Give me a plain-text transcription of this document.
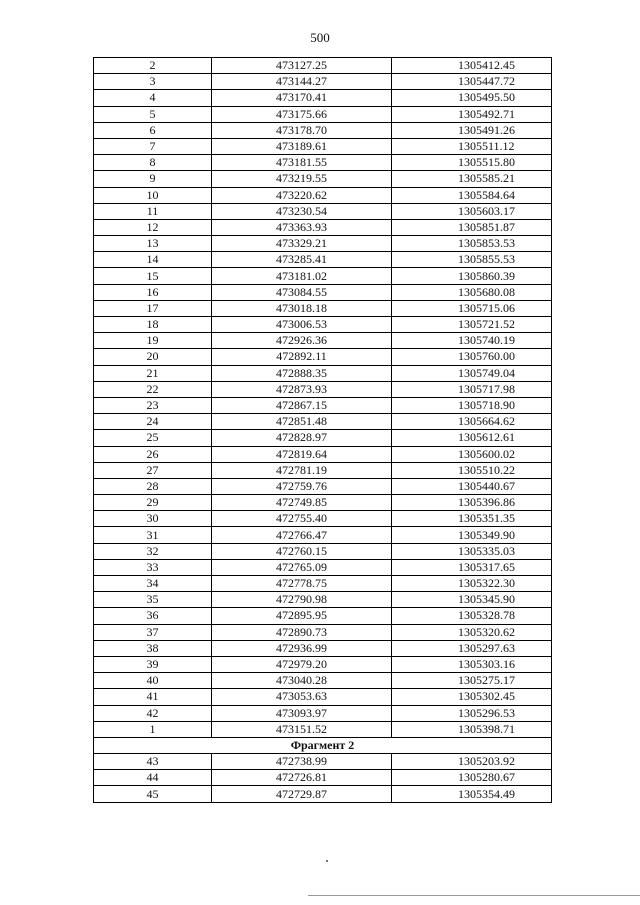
500
2	473127.25	1305412.45
3	473144.27	1305447.72
4	473170.41	1305495.50
5	473175.66	1305492.71
6	473178.70	1305491.26
7	473189.61	1305511.12
8	473181.55	1305515.80
9	473219.55	1305585.21
10	473220.62	1305584.64
11	473230.54	1305603.17
12	473363.93	1305851.87
13	473329.21	1305853.53
14	473285.41	1305855.53
15	473181.02	1305860.39
16	473084.55	1305680.08
17	473018.18	1305715.06
18	473006.53	1305721.52
19	472926.36	1305740.19
20	472892.11	1305760.00
21	472888.35	1305749.04
22	472873.93	1305717.98
23	472867.15	1305718.90
24	472851.48	1305664.62
25	472828.97	1305612.61
26	472819.64	1305600.02
27	472781.19	1305510.22
28	472759.76	1305440.67
29	472749.85	1305396.86
30	472755.40	1305351.35
31	472766.47	1305349.90
32	472760.15	1305335.03
33	472765.09	1305317.65
34	472778.75	1305322.30
35	472790.98	1305345.90
36	472895.95	1305328.78
37	472890.73	1305320.62
38	472936.99	1305297.63
39	472979.20	1305303.16
40	473040.28	1305275.17
41	473053.63	1305302.45
42	473093.97	1305296.53
1	473151.52	1305398.71
Фрагмент 2		
43	472738.99	1305203.92
44	472726.81	1305280.67
45	472729.87	1305354.49
